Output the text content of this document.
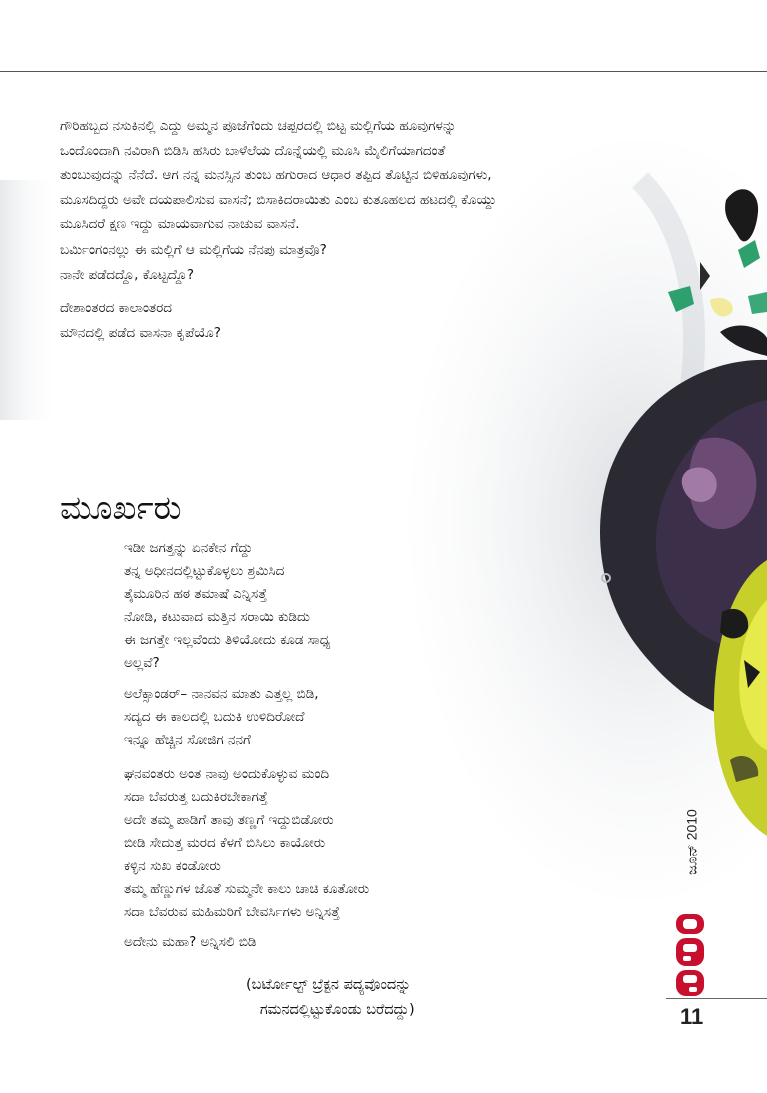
ಗೌರಿಹಬ್ಬದ ನಸುಕಿನಲ್ಲಿ ಎದ್ದು ಅಮ್ಮನ ಪೂಜೆಗೆಂದು ಚಪ್ಪರದಲ್ಲಿ ಬಿಟ್ಟ ಮಲ್ಲಿಗೆಯ ಹೂವುಗಳನ್ನು
ಒಂದೊಂದಾಗಿ ನವಿರಾಗಿ ಬಿಡಿಸಿ ಹಸಿರು ಬಾಳೆಲೆಯ ದೊನ್ನೆಯಲ್ಲಿ ಮೂಸಿ ಮೈಲಿಗೆಯಾಗದಂತೆ
ತುಂಬುವುದನ್ನು ನೆನೆದೆ. ಆಗ ನನ್ನ ಮನಸ್ಸಿನ ತುಂಬ ಹಗುರಾದ ಆಧಾರ ತಪ್ಪಿದ ತೊಟ್ಟಿನ ಬಿಳಿಹೂವುಗಳು,
ಮೂಸದಿದ್ದರು ಅವೇ ದಯಪಾಲಿಸುವ ವಾಸನೆ; ಬಿಸಾಕಿದರಾಯಿತು ಎಂಬ ಕುತೂಹಲದ ಹಟದಲ್ಲಿ ಕೊಯ್ದು
ಮೂಸಿದರೆ ಕ್ಷಣ ಇದ್ದು ಮಾಯವಾಗುವ ನಾಚುವ ವಾಸನೆ.

ಬರ್ಮಿಂಗಂನಲ್ಲು ಈ ಮಲ್ಲಿಗೆ ಆ ಮಲ್ಲಿಗೆಯ ನೆನಪು ಮಾತ್ರವೊ?
ನಾನೇ ಪಡೆದದ್ದೊ, ಕೊಟ್ಟದ್ದೊ?

ದೇಶಾಂತರದ ಕಾಲಾಂತರದ
ಮೌನದಲ್ಲಿ ಪಡೆದ ವಾಸನಾ ಕೃಪೆಯೊ?

ಮೂರ್ಖರು

ಇಡೀ ಜಗತ್ತನ್ನು ಏನಕೇನ ಗೆದ್ದು
ತನ್ನ ಅಧೀನದಲ್ಲಿಟ್ಟುಕೊಳ್ಳಲು ಶ್ರಮಿಸಿದ
ತೈಮೂರಿನ ಹಠ ತಮಾಷೆ ಎನ್ನಿಸತ್ತೆ
ನೋಡಿ, ಕಟುವಾದ ಮತ್ತಿನ ಸರಾಯಿ ಕುಡಿದು
ಈ ಜಗತ್ತೇ ಇಲ್ಲವೆಂದು ತಿಳಿಯೋದು ಕೂಡ ಸಾಧ್ಯ
ಅಲ್ಲವೆ?

ಅಲೆಕ್ಸಾಂಡರ್– ನಾನವನ ಮಾತು ಎತ್ತಲ್ಲ ಬಿಡಿ,
ಸದ್ಯದ ಈ ಕಾಲದಲ್ಲಿ ಬದುಕಿ ಉಳಿದಿರೋದೆ
ಇನ್ನೂ ಹೆಚ್ಚಿನ ಸೋಜಿಗ ನನಗೆ

ಘನವಂತರು ಅಂತ ನಾವು ಅಂದುಕೊಳ್ಳುವ ಮಂದಿ
ಸದಾ ಬೆವರುತ್ತ ಬದುಕಿರಬೇಕಾಗತ್ತೆ
ಅದೇ ತಮ್ಮ ಪಾಡಿಗೆ ತಾವು ತಣ್ಣಗೆ ಇದ್ದುಬಿಡೋರು
ಬೀಡಿ ಸೇದುತ್ತ ಮರದ ಕೆಳಗೆ ಬಿಸಿಲು ಕಾಯೋರು
ಕಳ್ಳಿನ ಸುಖ ಕಂಡೋರು
ತಮ್ಮ ಹೆಣ್ಣುಗಳ ಜೊತೆ ಸುಮ್ಮನೇ ಕಾಲು ಚಾಚಿ ಕೂತೋರು
ಸದಾ ಬೆವರುವ ಮಹಿಮರಿಗೆ ಬೇವರ್ಸಿಗಳು ಅನ್ನಿಸತ್ತೆ

ಅದೇನು ಮಹಾ? ಅನ್ನಿಸಲಿ ಬಿಡಿ

(ಬರ್ಟೋಲ್ಟ್ ಬ್ರೆಕ್ಟನ ಪದ್ಯವೊಂದನ್ನು
ಗಮನದಲ್ಲಿಟ್ಟುಕೊಂಡು ಬರೆದದ್ದು)

ಜೂನ್ 2010
11
